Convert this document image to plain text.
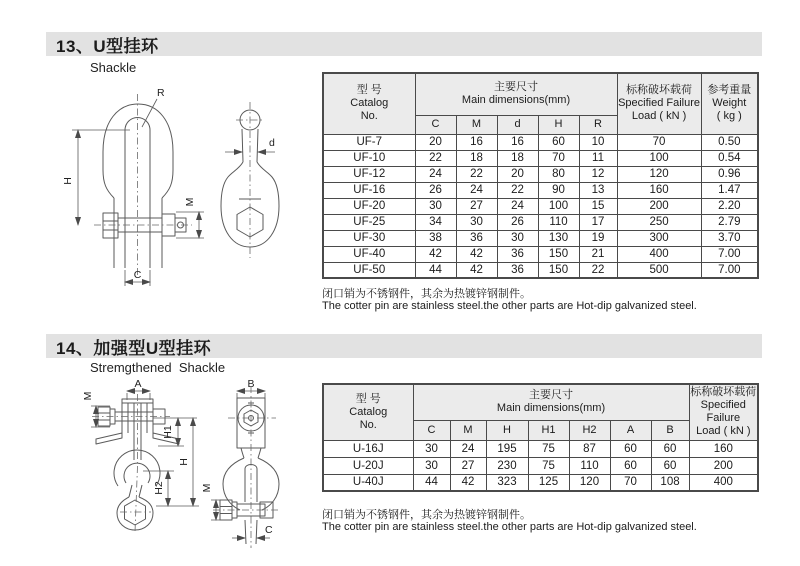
13、U型挂环
Shackle
H
R
M
C
d
型 号
Catalog
No.

主要尺寸
Main dimensions(mm)

标称破坏载荷
Specified Failure
Load ( kN )

参考重量
Weight
( kg )

	C	M	d	H	R		
UF-7	20	16	16	60	10	70	0.50
UF-10	22	18	18	70	11	100	0.54
UF-12	24	22	20	80	12	120	0.96
UF-16	26	24	22	90	13	160	1.47
UF-20	30	27	24	100	15	200	2.20
UF-25	34	30	26	110	17	250	2.79
UF-30	38	36	30	130	19	300	3.70
UF-40	42	42	36	150	21	400	7.00
UF-50	44	42	36	150	22	500	7.00
闭口销为不锈钢件，其余为热镀锌钢制件。
The cotter pin are stainless steel.the other parts are Hot-dip galvanized steel.
14、加强型U型挂环
Stremgthened  Shackle
A
M
H1
H
H2
B
M
C
型 号
Catalog
No.

主要尺寸
Main dimensions(mm)

标称破坏载荷
Specified Failure
Load ( kN )

	C	M	H	H1	H2	A	B	
U-16J	30	24	195	75	87	60	60	160
U-20J	30	27	230	75	110	60	60	200
U-40J	44	42	323	125	120	70	108	400
闭口销为不锈钢件，其余为热镀锌钢制件。
The cotter pin are stainless steel.the other parts are Hot-dip galvanized steel.
